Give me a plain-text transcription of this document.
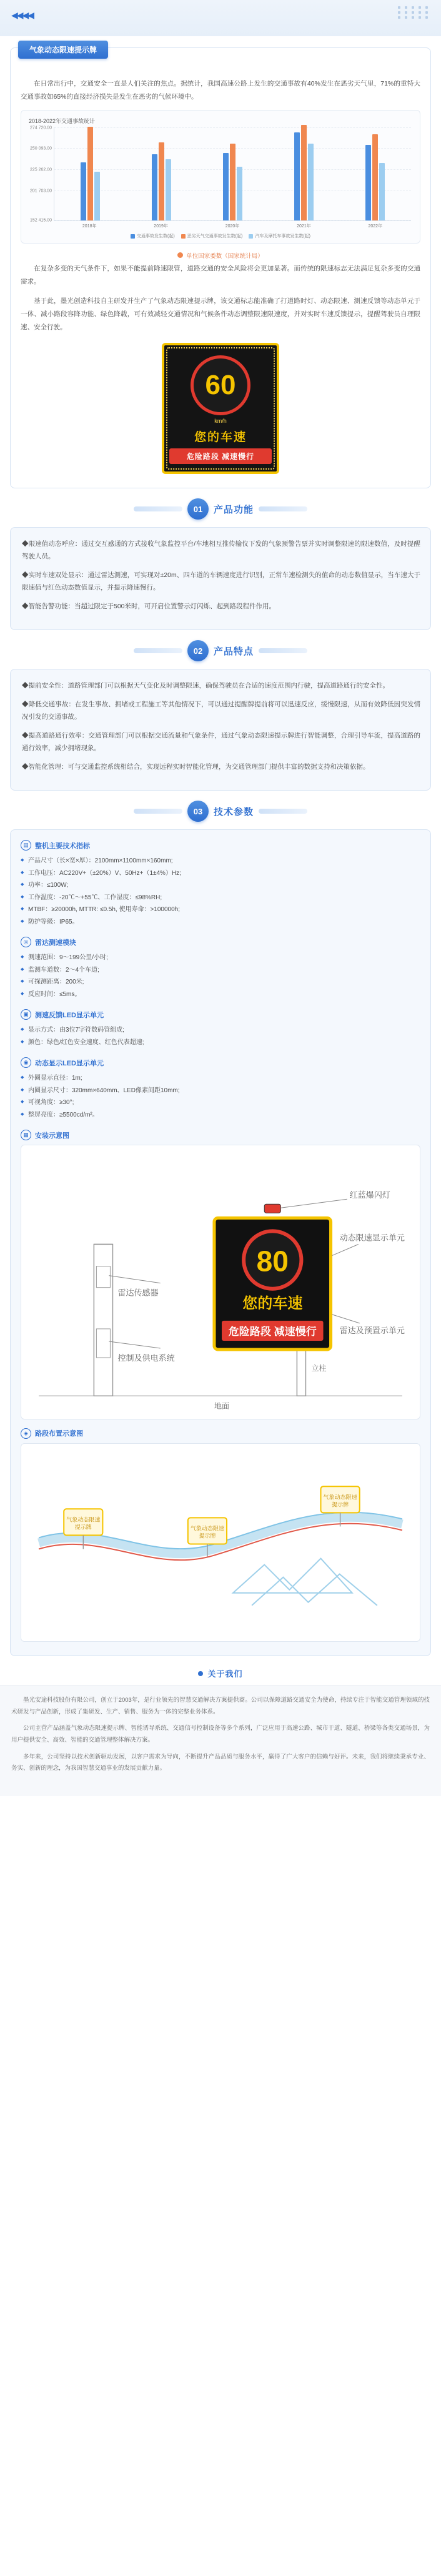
◀◀◀◀
气象动态限速提示牌
在日常出行中，交通安全一直是人们关注的焦点。据统计，我国高速公路上发生的交通事故有40%发生在恶劣天气里，71%的重特大交通事故如65%的直接经济损失是发生在恶劣的气候环境中。
2018-2022年交通事故统计
274 720.00
250 093.00
225 262.00
201 703.00
152 415.00
2018年	2019年	2020年	2021年	2022年
交通事故发生数(起)	恶劣天气交通事故发生数(起)	汽车及摩托车事故发生数(起)
单位国家委数（国家统计局）
在复杂多变的天气条件下，如果不能提前降速限管，道路交通的安全风险将会更加显著。而传统的限速标志无法满足复杂多变的交通需求。
基于此，墨光创造科技自主研发并生产了气象动态限速提示牌，该交通标志能准确了打道路时灯、动态限速、测速反馈等动态单元于一体、减小路段容降功能、绿色降载，可有效减轻交通情况和气候条件动态调整限速限速度，并对实时车速反馈提示，提醒驾驶员自理限速、安全行驶。
60
km/h
您的车速
危险路段 减速慢行
01	产品功能
◆限速值动态呼应：通过交互感通的方式接收气象监控平台/车地相互推传输仪下发的气象预警告票并实时调整限速的限速数值，及时提醒驾驶人员。
◆实时车速双处显示：通过雷达测速，可实现对±20m、四车道的车辆速度进行识别，正常车速检测失的值命的动态数值显示，当车速大于限速值与红色动态数值显示，并提示降速慢行。
◆智能告警功能：当超过限定于500米时，可开启位置警示灯闪烁、起到路段程件作用。
02	产品特点
◆提前安全性：道路管理部门可以根据天气变化及时调整限速，确保驾驶员在合适的速度范围内行驶，提高道路通行的安全性。
◆降低交通事故：在发生事故、拥堵或工程施工等其他情况下，可以通过提醒牌提前将可以迅速反应，缓慢限速，从而有效降低因突发情况引发的交通事故。
◆提高道路通行效率：交通管理部门可以根据交通流量和气象条件，通过气象动态限速提示牌进行智能调整，合理引导车流，提高道路的通行效率，减少拥堵现象。
◆智能化管理：可与交通监控系统相结合，实现远程实时智能化管理，为交通管理部门提供丰富的数据支持和决策依据。
03	技术参数
▤ 整机主要技术指标
◆ 产品尺寸（长×宽×厚）：2100mm×1100mm×160mm;
◆ 工作电压：AC220V+（±20%）V、50Hz+（1±4%）Hz;
◆ 功率：≤100W;
◆ 工作温度：-20℃～+55℃、工作湿度：≤98%RH;
◆ MTBF：≥20000h, MTTR: ≤0.5h, 使用寿命：>100000h;
◆ 防护等级：IP65。
◎ 雷达测速模块
◆ 测速范围：9～199公里/小时;
◆ 监测车道数：2～4个车道;
◆ 可探测距离：200米;
◆ 反应时间：≤5ms。
▣ 测速反馈LED显示单元
◆ 显示方式：由3位7字符数码管组成;
◆ 颜色：绿色/红色安全速度、红色代表超速;
◉ 动态显示LED显示单元
◆ 外圈显示直径：1m;
◆ 内圈显示尺寸：320mm×640mm、LED像素间距10mm;
◆ 可视角度：≥30°;
◆ 整屏亮度：≥5500cd/m²。
▦ 安装示意图
80
您的车速
危险路段 减速慢行
红蓝爆闪灯
动态限速显示单元
雷达及预置示单元
雷达传感器
控制及供电系统
立柱
地面
◈	路段布置示意图
气象动态限速
提示牌	气象动态限速
提示牌
气象动态限速
提示牌
关于我们

墨光安途科技股份有限公司，创立于2003年，是行业领先的智慧交通解决方案提供商。公司以保障道路交通安全为使命，持续专注于智能交通管理领域的技术研发与产品创新，形成了集研发、生产、销售、服务为一体的完整业务体系。

公司主营产品涵盖气象动态限速提示牌、智能诱导系统、交通信号控制设备等多个系列，广泛应用于高速公路、城市干道、隧道、桥梁等各类交通场景，为用户提供安全、高效、智能的交通管理整体解决方案。

多年来，公司坚持以技术创新驱动发展，以客户需求为导向，不断提升产品品质与服务水平，赢得了广大客户的信赖与好评。未来，我们将继续秉承专业、务实、创新的理念，为我国智慧交通事业的发展贡献力量。
